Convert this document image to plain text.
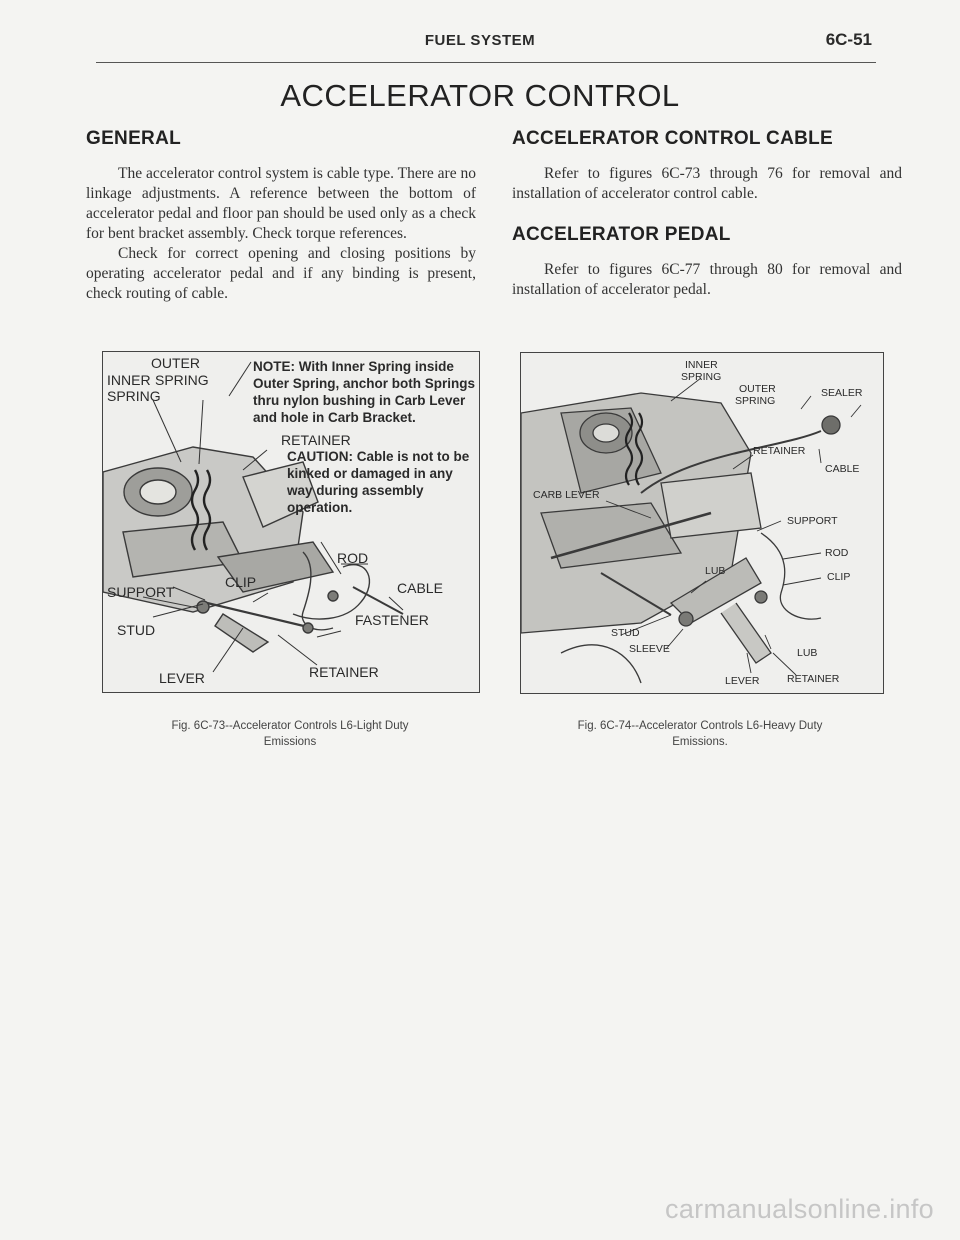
FUEL SYSTEM	6C-51
ACCELERATOR CONTROL
GENERAL

The accelerator control system is cable type. There are no linkage adjustments. A reference between the bottom of accelerator pedal and floor pan should be used only as a check for bent bracket assembly. Check torque references.

Check for correct opening and closing positions by operating accelerator pedal and if any binding is present, check routing of cable.

ACCELERATOR CONTROL CABLE

Refer to figures 6C-73 through 76 for removal and installation of accelerator control cable.

ACCELERATOR PEDAL

Refer to figures 6C-77 through 80 for removal and installation of accelerator pedal.

OUTER
INNER SPRING
SPRING
NOTE: With Inner Spring inside Outer Spring, anchor both Springs thru nylon bushing in Carb Lever and hole in Carb Bracket.
RETAINER
CAUTION: Cable is not to be kinked or damaged in any way during assembly operation.
ROD
CLIP	CABLE
SUPPORT
FASTENER
STUD
LEVER	RETAINER
Fig. 6C-73--Accelerator Controls L6-Light Duty
Emissions
INNER
SPRING
OUTER
SPRING
SEALER
RETAINER
CABLE
CARB LEVER
SUPPORT
ROD
LUB	CLIP
STUD
SLEEVE	LUB
LEVER	RETAINER
Fig. 6C-74--Accelerator Controls L6-Heavy Duty
Emissions.
carmanualsonline.info
